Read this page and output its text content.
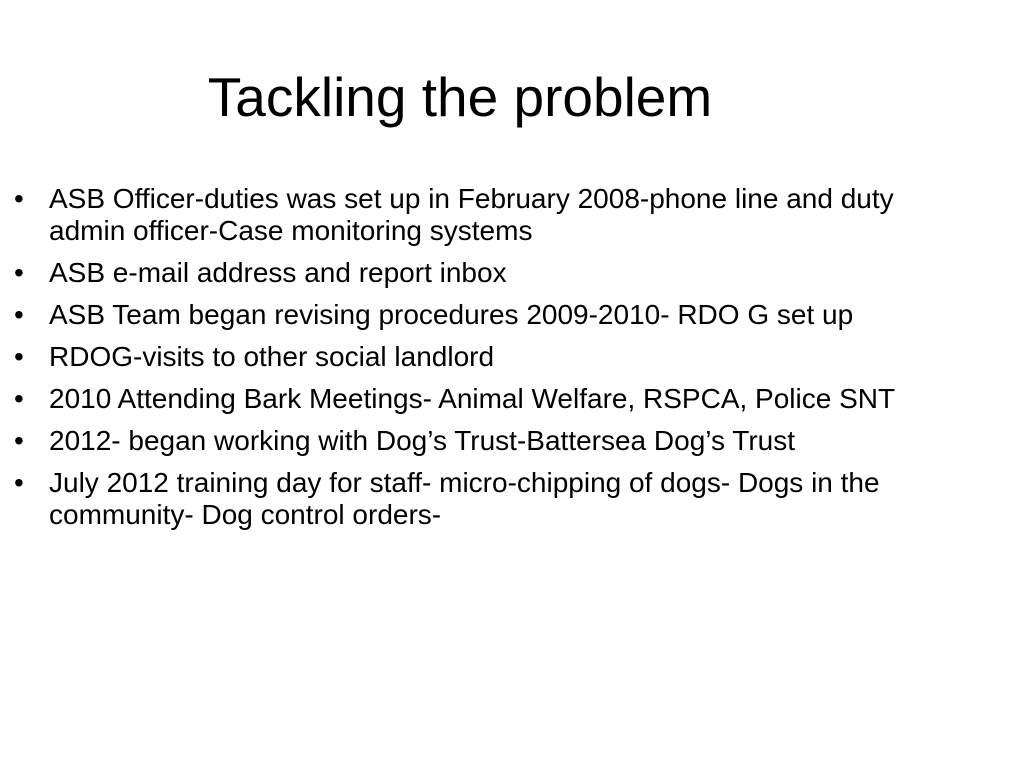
Tackling the problem
• ASB Officer-duties was set up in February 2008-phone line and duty admin officer-Case monitoring systems
• ASB e-mail address and report inbox
• ASB Team began revising procedures 2009-2010- RDO G set up
• RDOG-visits to other social landlord
• 2010 Attending Bark Meetings- Animal Welfare, RSPCA, Police SNT
• 2012- began working with Dog’s Trust-Battersea Dog’s Trust
• July 2012 training day for staff- micro-chipping of dogs- Dogs in the community- Dog control orders-
